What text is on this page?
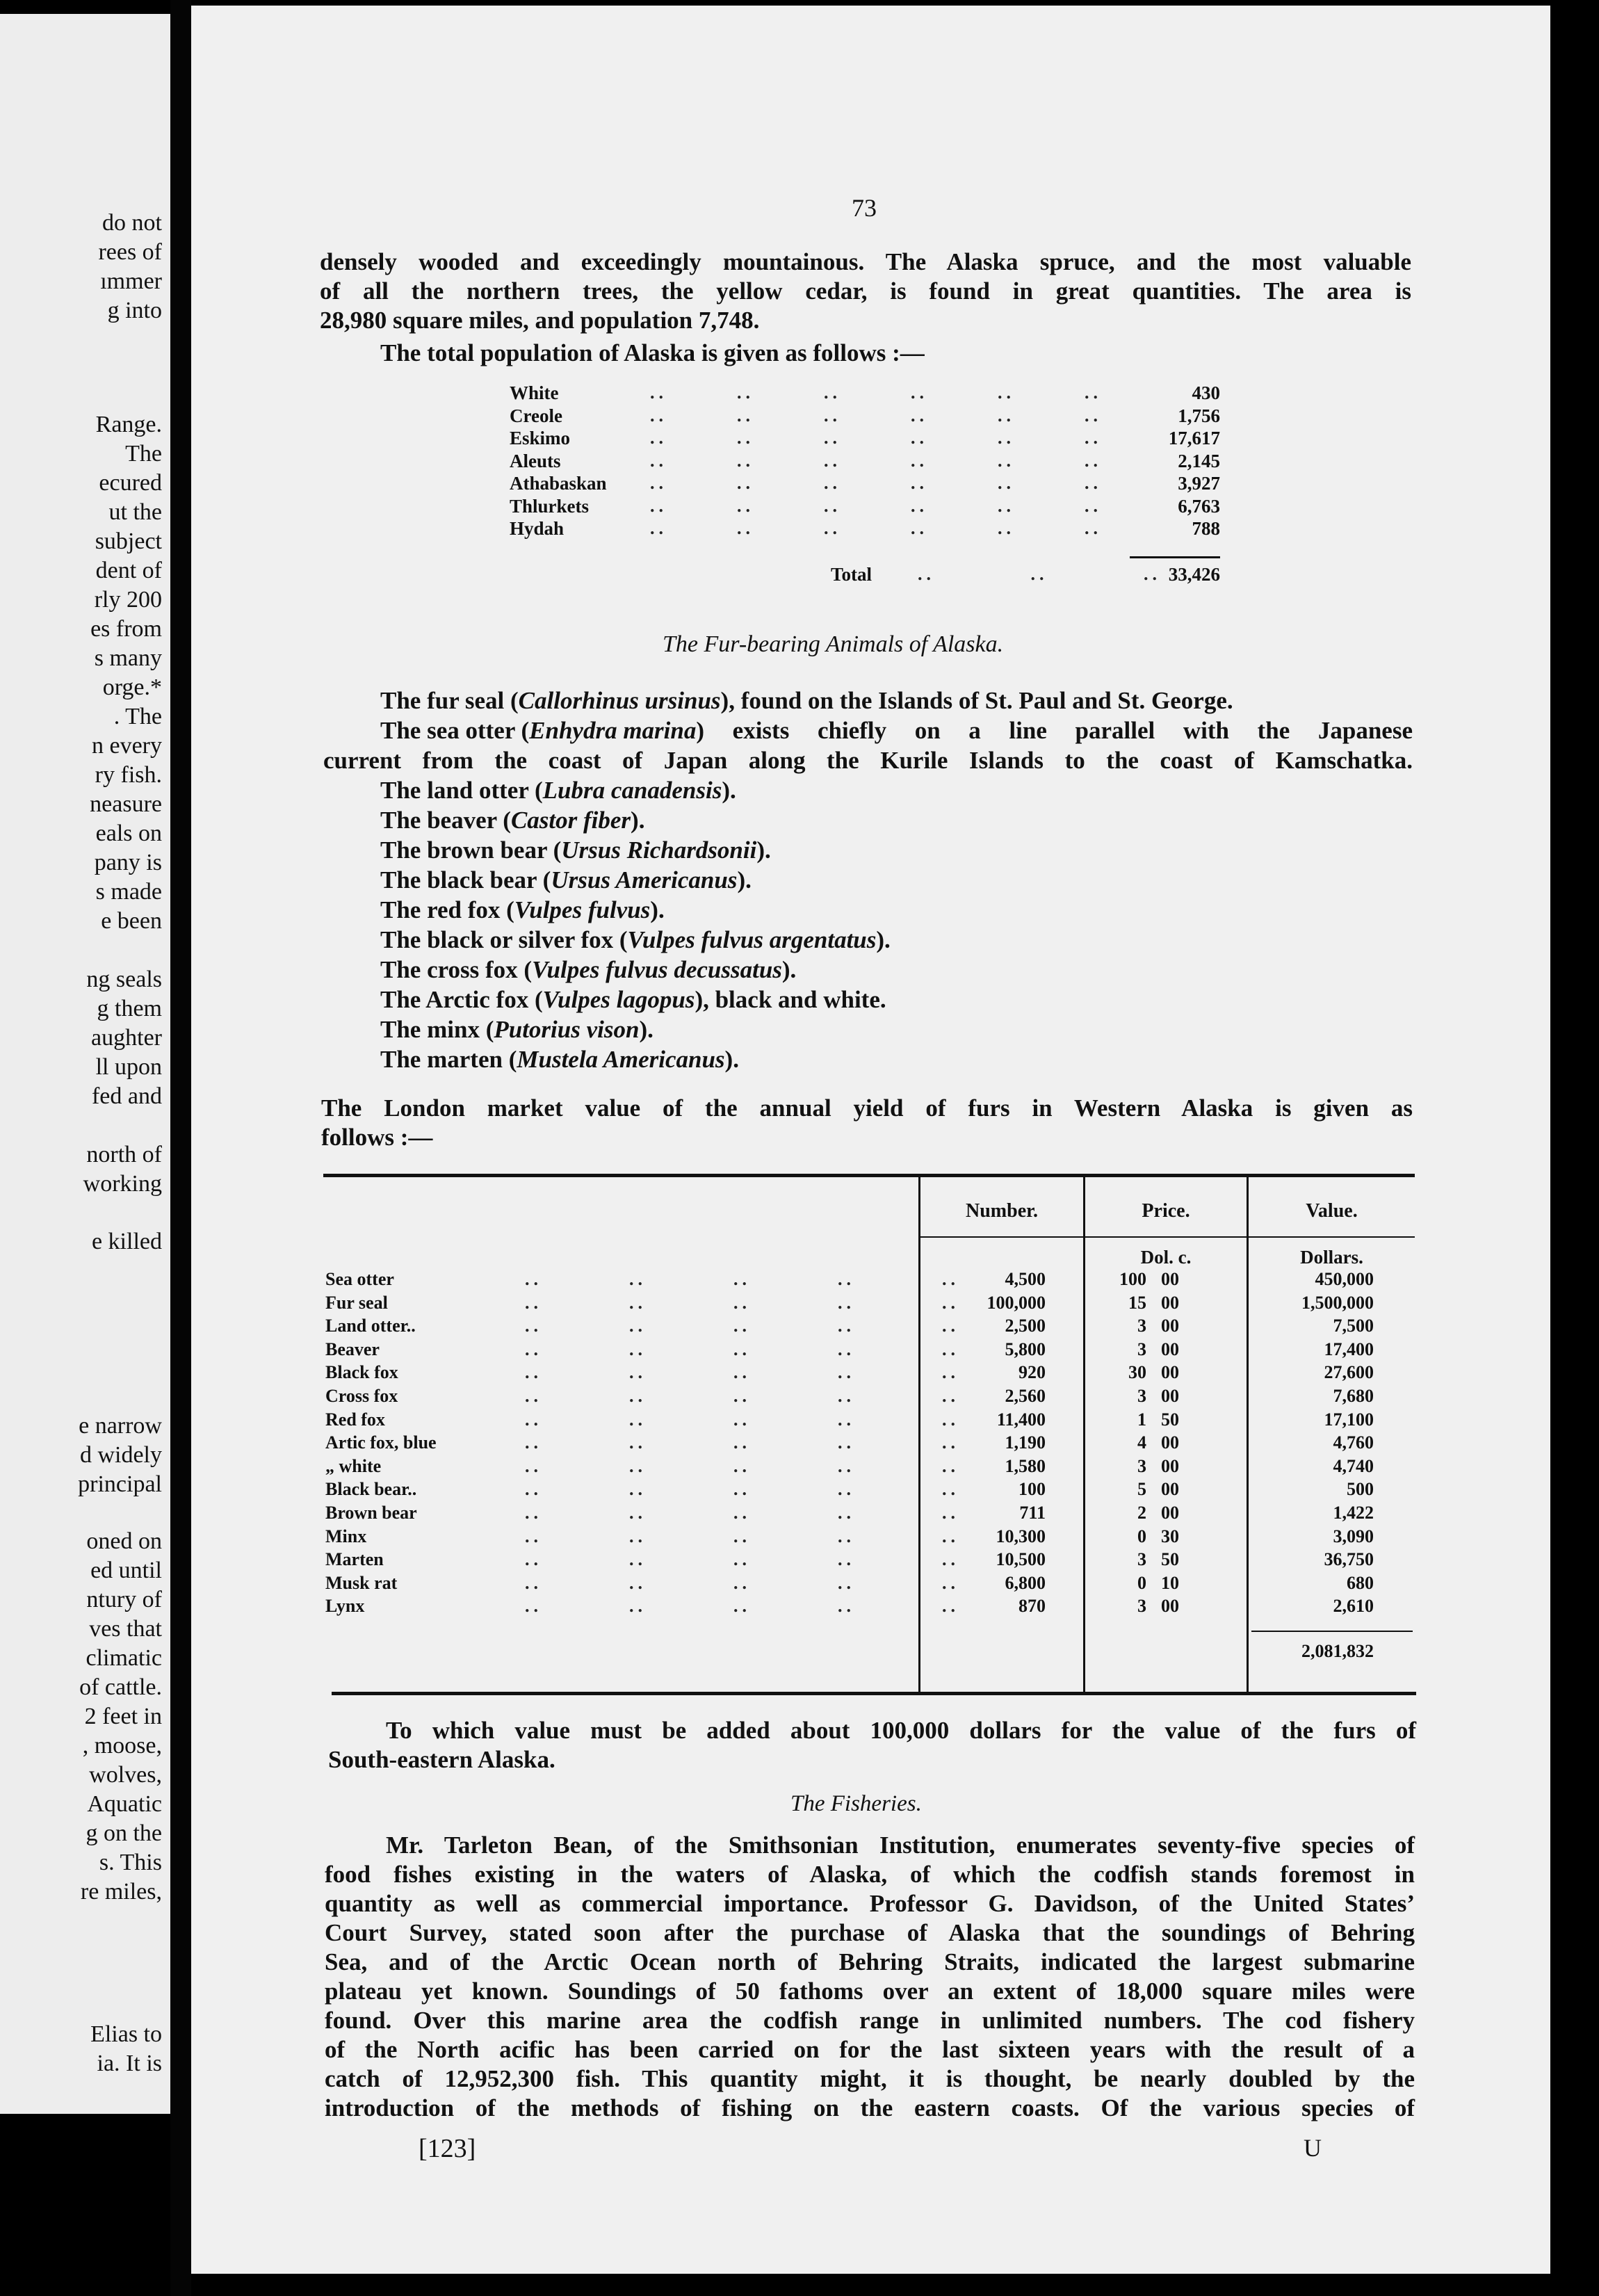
do not
rees of
ımmer
g into
Range.
The
ecured
ut the
subject
dent of
rly 200
es from
s many
orge.*
. The
n every
ry fish.
neasure
eals on
pany is
s made
e been
ng seals
g them
aughter
ll upon
fed and
north of
working
e killed
e narrow
d widely
principal
oned on
ed until
ntury of
ves that
climatic
of cattle.
2 feet in
, moose,
wolves,
Aquatic
g on the
s. This
re miles,
Elias to
ia. It is
73
densely wooded and exceedingly mountainous. The Alaska spruce, and the most valuable
of all the northern trees, the yellow cedar, is found in great quantities. The area is
28,980 square miles, and population 7,748.
The total population of Alaska is given as follows :—
White	..        ..        ..        ..        ..        ..	430
Creole	..        ..        ..        ..        ..        ..	1,756
Eskimo	..        ..        ..        ..        ..        ..	17,617
Aleuts	..        ..        ..        ..        ..        ..	2,145
Athabaskan ..        ..        ..        ..        ..        ..	3,927
Thlurkets	..        ..        ..        ..        ..        ..	6,763
Hydah	..        ..        ..        ..        ..        ..	788
Total	..           ..           .. 33,426
The Fur-bearing Animals of Alaska.
The fur seal (Callorhinus ursinus), found on the Islands of St. Paul and St. George.
The sea otter ( Enhydra marina ) exists chiefly on a line parallel with the Japanese
current from the coast of Japan along the Kurile Islands to the coast of Kamschatka.
The land otter (Lubra canadensis).
The beaver (Castor fiber).
The brown bear (Ursus Richardsonii).
The black bear (Ursus Americanus).
The red fox (Vulpes fulvus).
The black or silver fox (Vulpes fulvus argentatus).
The cross fox (Vulpes fulvus decussatus).
The Arctic fox (Vulpes lagopus), black and white.
The minx (Putorius vison).
The marten (Mustela Americanus).
The London market value of the annual yield of furs in Western Alaska is given as
follows :—
Number.	Price.	Value.
Dol. c.	Dollars.
Sea otter	..          ..          ..          ..          ..	4,500	100 00	450,000
Fur seal	..          ..          ..          ..          ..	100,000	15 00	1,500,000
Land otter..	..          ..          ..          ..          ..	2,500	3 00	7,500
Beaver	..          ..          ..          ..          ..	5,800	3 00	17,400
Black fox	..          ..          ..          ..          ..	920	30 00	27,600
Cross fox	..          ..          ..          ..          ..	2,560	3 00	7,680
Red fox	..          ..          ..          ..          ..	11,400	1 50	17,100
Artic fox, blue	..          ..          ..          ..          ..	1,190	4 00	4,760
„ white	..          ..          ..          ..          ..	1,580	3 00	4,740
Black bear..	..          ..          ..          ..          ..	100	5 00	500
Brown bear	..          ..          ..          ..          ..	711	2 00	1,422
Minx	..          ..          ..          ..          ..	10,300	0 30	3,090
Marten	..          ..          ..          ..          ..	10,500	3 50	36,750
Musk rat	..          ..          ..          ..          ..	6,800	0 10	680
Lynx	..          ..          ..          ..          ..	870	3 00	2,610
2,081,832
To which value must be added about 100,000 dollars for the value of the furs of
South-eastern Alaska.
The Fisheries.
Mr. Tarleton Bean, of the Smithsonian Institution, enumerates seventy-five species of
food fishes existing in the waters of Alaska, of which the codfish stands foremost in
quantity as well as commercial importance. Professor G. Davidson, of the United States’
Court Survey, stated soon after the purchase of Alaska that the soundings of Behring
Sea, and of the Arctic Ocean north of Behring Straits, indicated the largest submarine
plateau yet known. Soundings of 50 fathoms over an extent of 18,000 square miles were
found. Over this marine area the codfish range in unlimited numbers. The cod fishery
of the North acific has been carried on for the last sixteen years with the result of a
catch of 12,952,300 fish. This quantity might, it is thought, be nearly doubled by the
introduction of the methods of fishing on the eastern coasts. Of the various species of
[123]	U
